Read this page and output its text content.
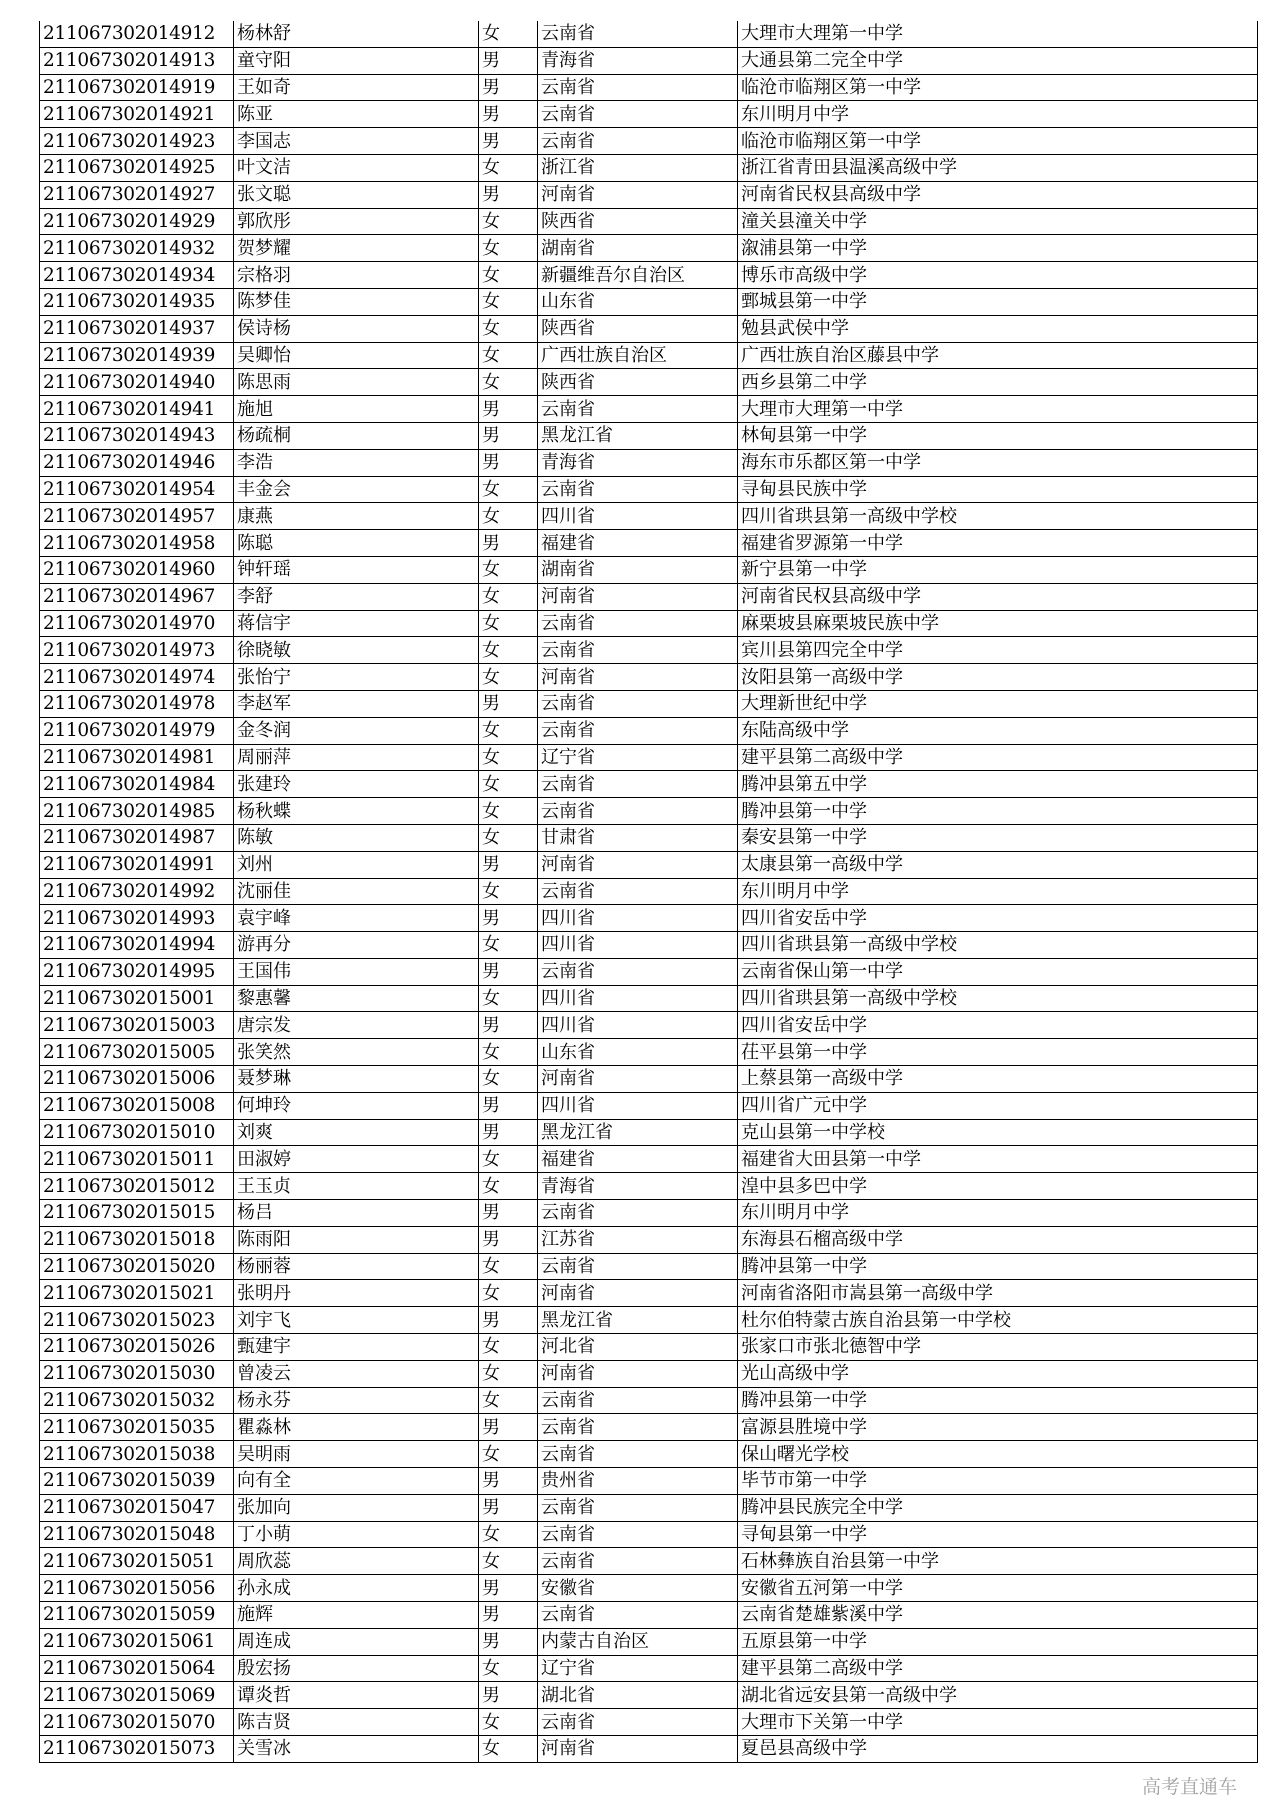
211067302014912	杨林舒	女	云南省	大理市大理第一中学
211067302014913	童守阳	男	青海省	大通县第二完全中学
211067302014919	王如奇	男	云南省	临沧市临翔区第一中学
211067302014921	陈亚	男	云南省	东川明月中学
211067302014923	李国志	男	云南省	临沧市临翔区第一中学
211067302014925	叶文洁	女	浙江省	浙江省青田县温溪高级中学
211067302014927	张文聪	男	河南省	河南省民权县高级中学
211067302014929	郭欣彤	女	陕西省	潼关县潼关中学
211067302014932	贺梦耀	女	湖南省	溆浦县第一中学
211067302014934	宗格羽	女	新疆维吾尔自治区	博乐市高级中学
211067302014935	陈梦佳	女	山东省	鄄城县第一中学
211067302014937	侯诗杨	女	陕西省	勉县武侯中学
211067302014939	吴卿怡	女	广西壮族自治区	广西壮族自治区藤县中学
211067302014940	陈思雨	女	陕西省	西乡县第二中学
211067302014941	施旭	男	云南省	大理市大理第一中学
211067302014943	杨疏桐	男	黑龙江省	林甸县第一中学
211067302014946	李浩	男	青海省	海东市乐都区第一中学
211067302014954	丰金会	女	云南省	寻甸县民族中学
211067302014957	康燕	女	四川省	四川省珙县第一高级中学校
211067302014958	陈聪	男	福建省	福建省罗源第一中学
211067302014960	钟轩瑶	女	湖南省	新宁县第一中学
211067302014967	李舒	女	河南省	河南省民权县高级中学
211067302014970	蒋信宇	女	云南省	麻栗坡县麻栗坡民族中学
211067302014973	徐晓敏	女	云南省	宾川县第四完全中学
211067302014974	张怡宁	女	河南省	汝阳县第一高级中学
211067302014978	李赵军	男	云南省	大理新世纪中学
211067302014979	金冬润	女	云南省	东陆高级中学
211067302014981	周丽萍	女	辽宁省	建平县第二高级中学
211067302014984	张建玲	女	云南省	腾冲县第五中学
211067302014985	杨秋蝶	女	云南省	腾冲县第一中学
211067302014987	陈敏	女	甘肃省	秦安县第一中学
211067302014991	刘州	男	河南省	太康县第一高级中学
211067302014992	沈丽佳	女	云南省	东川明月中学
211067302014993	袁宇峰	男	四川省	四川省安岳中学
211067302014994	游再分	女	四川省	四川省珙县第一高级中学校
211067302014995	王国伟	男	云南省	云南省保山第一中学
211067302015001	黎惠馨	女	四川省	四川省珙县第一高级中学校
211067302015003	唐宗发	男	四川省	四川省安岳中学
211067302015005	张笑然	女	山东省	茌平县第一中学
211067302015006	聂梦琳	女	河南省	上蔡县第一高级中学
211067302015008	何坤玲	男	四川省	四川省广元中学
211067302015010	刘爽	男	黑龙江省	克山县第一中学校
211067302015011	田淑婷	女	福建省	福建省大田县第一中学
211067302015012	王玉贞	女	青海省	湟中县多巴中学
211067302015015	杨吕	男	云南省	东川明月中学
211067302015018	陈雨阳	男	江苏省	东海县石榴高级中学
211067302015020	杨丽蓉	女	云南省	腾冲县第一中学
211067302015021	张明丹	女	河南省	河南省洛阳市嵩县第一高级中学
211067302015023	刘宇飞	男	黑龙江省	杜尔伯特蒙古族自治县第一中学校
211067302015026	甄建宇	女	河北省	张家口市张北德智中学
211067302015030	曾凌云	女	河南省	光山高级中学
211067302015032	杨永芬	女	云南省	腾冲县第一中学
211067302015035	瞿淼林	男	云南省	富源县胜境中学
211067302015038	吴明雨	女	云南省	保山曙光学校
211067302015039	向有全	男	贵州省	毕节市第一中学
211067302015047	张加向	男	云南省	腾冲县民族完全中学
211067302015048	丁小萌	女	云南省	寻甸县第一中学
211067302015051	周欣蕊	女	云南省	石林彝族自治县第一中学
211067302015056	孙永成	男	安徽省	安徽省五河第一中学
211067302015059	施辉	男	云南省	云南省楚雄紫溪中学
211067302015061	周连成	男	内蒙古自治区	五原县第一中学
211067302015064	殷宏扬	女	辽宁省	建平县第二高级中学
211067302015069	谭炎哲	男	湖北省	湖北省远安县第一高级中学
211067302015070	陈吉贤	女	云南省	大理市下关第一中学
211067302015073	关雪冰	女	河南省	夏邑县高级中学
高考直通车
